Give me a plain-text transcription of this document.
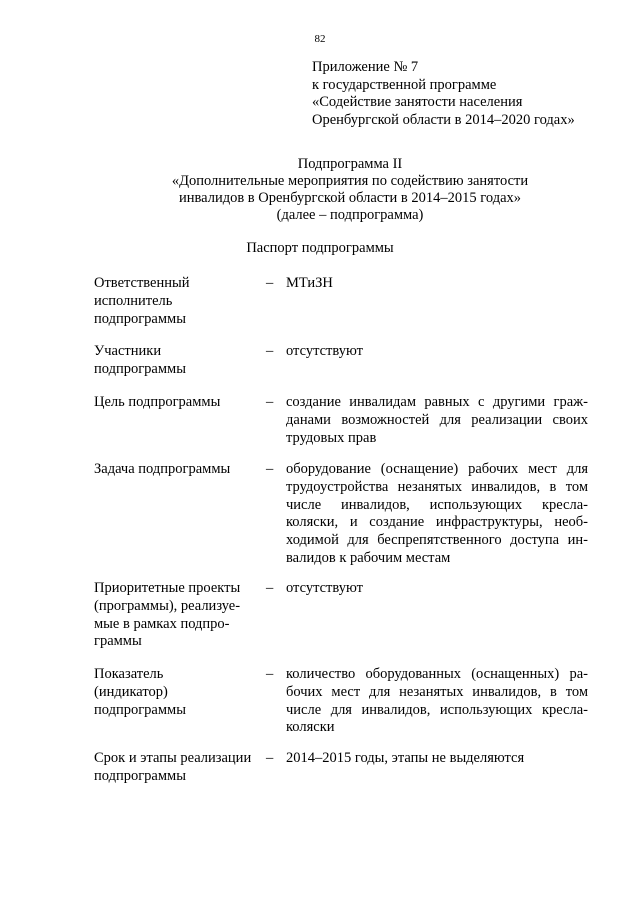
82
Приложение № 7
к государственной программе
«Содействие занятости населения
Оренбургской области в 2014–2020 годах»
Подпрограмма II
«Дополнительные мероприятия по содействию занятости
инвалидов в Оренбургской области в 2014–2015 годах»
(далее – подпрограмма)
Паспорт подпрограммы
Ответственный
исполнитель
подпрограммы
– МТиЗН
Участники
подпрограммы
– отсутствуют
Цель подпрограммы	– создание инвалидам равных с другими граж-
данами возможностей для реализации своих
трудовых прав
Задача подпрограммы	– оборудование (оснащение) рабочих мест для
трудоустройства незанятых инвалидов, в том
числе инвалидов, использующих кресла-
коляски, и создание инфраструктуры, необ-
ходимой для беспрепятственного доступа ин-
валидов к рабочим местам
Приоритетные проекты
(программы), реализуе-
мые в рамках подпро-
граммы
– отсутствуют
Показатель
(индикатор)
подпрограммы
– количество оборудованных (оснащенных) ра-
бочих мест для незанятых инвалидов, в том
числе для инвалидов, использующих кресла-
коляски
Срок и этапы реализации
подпрограммы
– 2014–2015 годы, этапы не выделяются
